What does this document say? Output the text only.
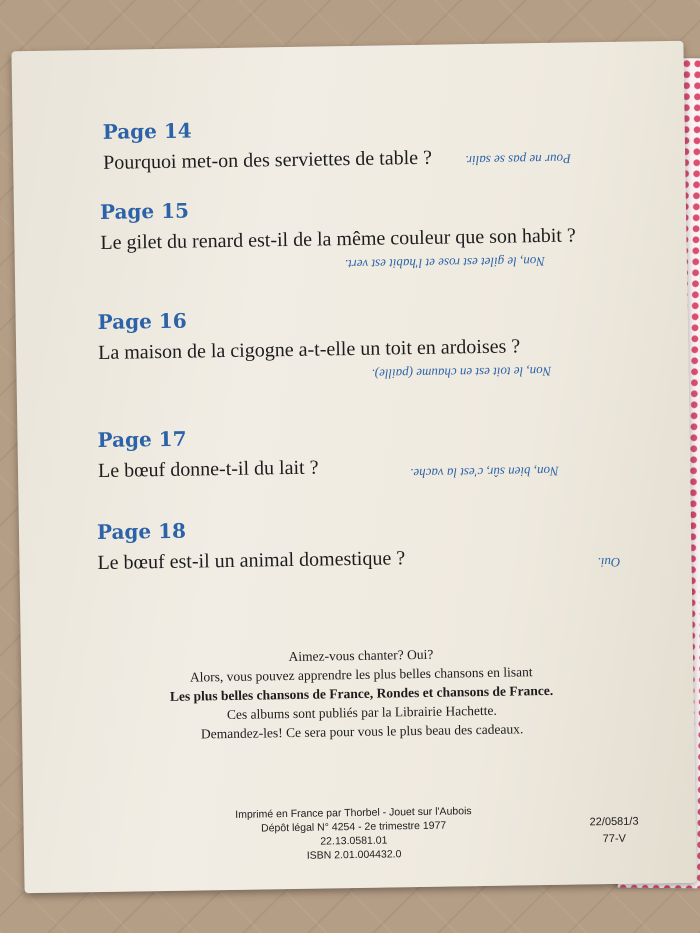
Page 14

Pourquoi met-on des serviettes de table ?	Pour ne pas se salir.
Page 15

Le gilet du renard est-il de la même couleur que son habit ?

Non, le gilet est rose et l'habit est vert.
Page 16

La maison de la cigogne a-t-elle un toit en ardoises ?

Non, le toit est en chaume (paille).
Page 17

Le bœuf donne-t-il du lait ?	Non, bien sûr, c'est la vache.
Page 18

Le bœuf est-il un animal domestique ?	Oui.

Aimez-vous chanter? Oui?

Alors, vous pouvez apprendre les plus belles chansons en lisant

Les plus belles chansons de France, Rondes et chansons de France.

Ces albums sont publiés par la Librairie Hachette.

Demandez-les! Ce sera pour vous le plus beau des cadeaux.

Imprimé en France par Thorbel - Jouet sur l'Aubois

Dépôt légal N° 4254 - 2e trimestre 1977

22.13.0581.01

ISBN 2.01.004432.0

22/0581/3

77-V
